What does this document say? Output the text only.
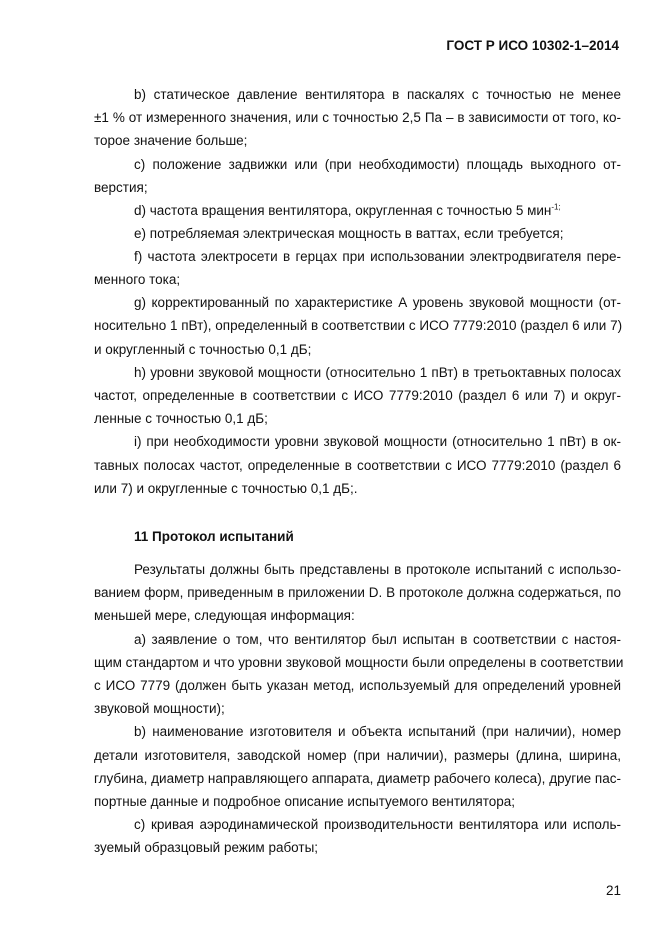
ГОСТ Р ИСО 10302-1–2014
b) статическое давление вентилятора в паскалях с точностью не менее
±1 % от измеренного значения, или с точностью 2,5 Па – в зависимости от того, ко-
торое значение больше;
c) положение задвижки или (при необходимости) площадь выходного от-
верстия;
d) частота вращения вентилятора, округленная с точностью 5 мин$^{-1;}$
e) потребляемая электрическая мощность в ваттах, если требуется;
f) частота электросети в герцах при использовании электродвигателя пере-
менного тока;
g) корректированный по характеристике А уровень звуковой мощности (от-
носительно 1 пВт), определенный в соответствии с ИСО 7779:2010 (раздел 6 или 7)
и округленный с точностью 0,1 дБ;
h) уровни звуковой мощности (относительно 1 пВт) в третьоктавных полосах
частот, определенные в соответствии с ИСО 7779:2010 (раздел 6 или 7) и округ-
ленные с точностью 0,1 дБ;
i) при необходимости уровни звуковой мощности (относительно 1 пВт) в ок-
тавных полосах частот, определенные в соответствии с ИСО 7779:2010 (раздел 6
или 7) и округленные с точностью 0,1 дБ;.
11 Протокол испытаний
Результаты должны быть представлены в протоколе испытаний с использо-
ванием форм, приведенным в приложении D. В протоколе должна содержаться, по
меньшей мере, следующая информация:
a) заявление о том, что вентилятор был испытан в соответствии с настоя-
щим стандартом и что уровни звуковой мощности были определены в соответствии
с ИСО 7779 (должен быть указан метод, используемый для определений уровней
звуковой мощности);
b) наименование изготовителя и объекта испытаний (при наличии), номер
детали изготовителя, заводской номер (при наличии), размеры (длина, ширина,
глубина, диаметр направляющего аппарата, диаметр рабочего колеса), другие пас-
портные данные и подробное описание испытуемого вентилятора;
c) кривая аэродинамической производительности вентилятора или исполь-
зуемый образцовый режим работы;
21
